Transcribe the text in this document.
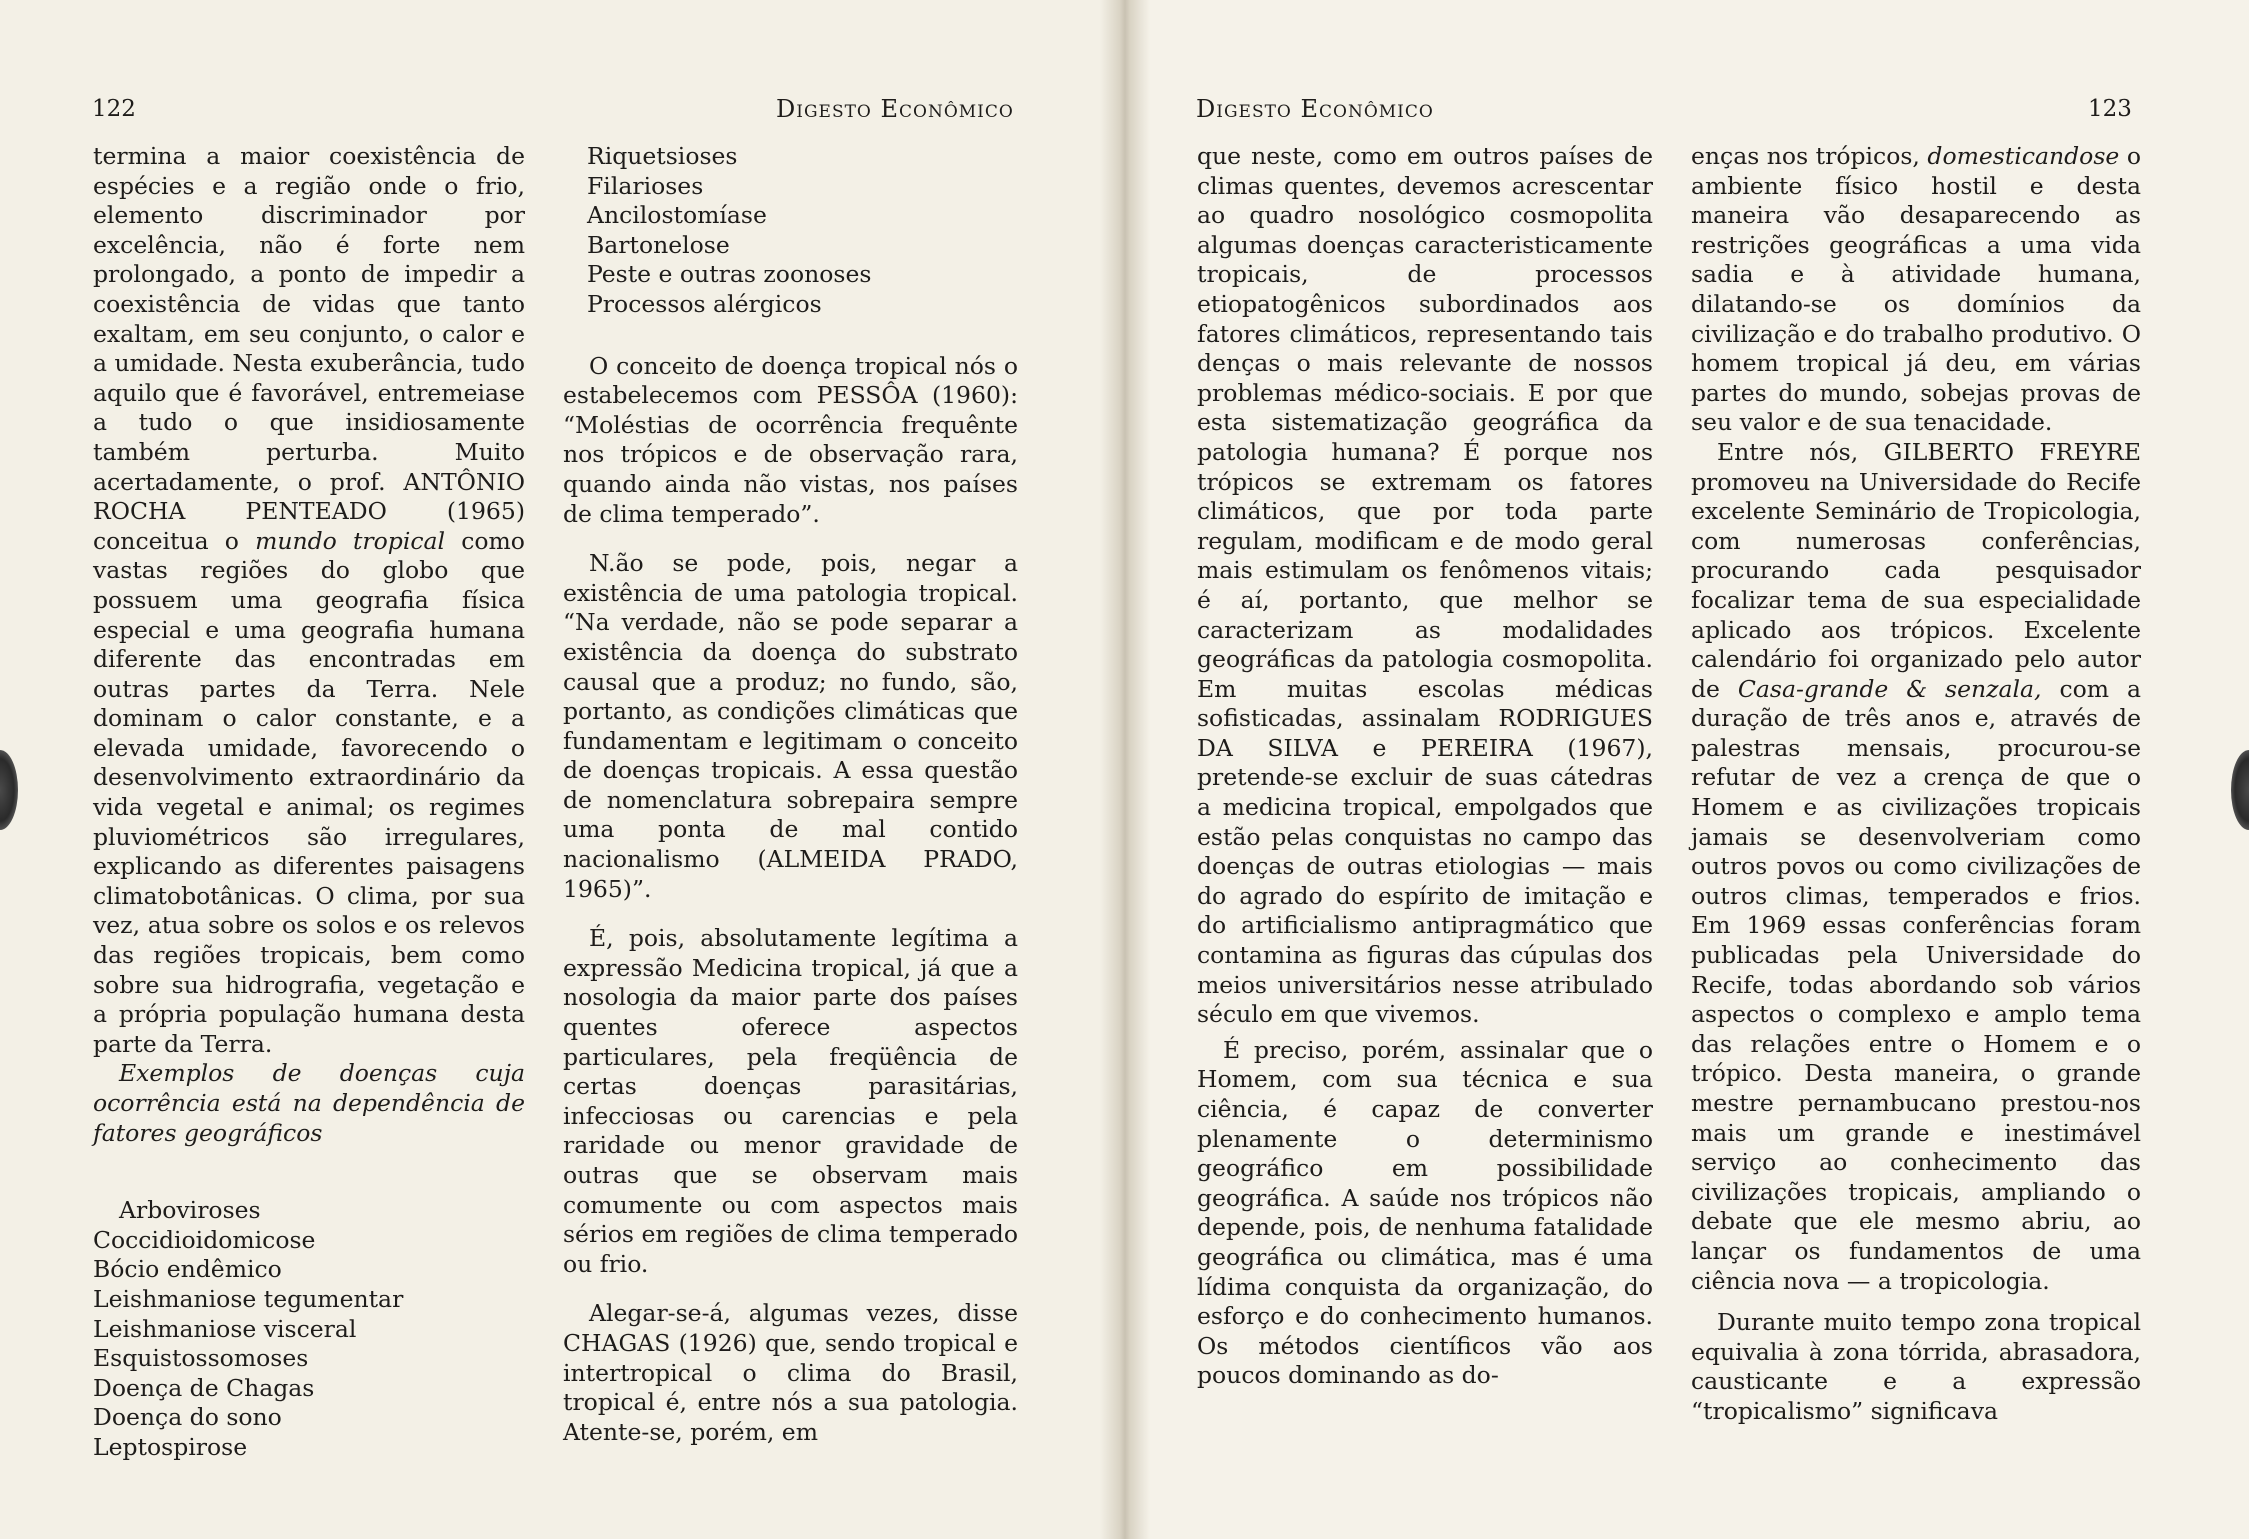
122	Digesto Econômico

termina a maior coexistência de espécies e a região onde o frio, elemento discriminador por excelência, não é forte nem prolongado, a ponto de impedir a coexistência de vidas que tanto exaltam, em seu conjunto, o calor e a umidade. Nesta exuberância, tudo aquilo que é favorável, entremeiase a tudo o que insidiosamente também perturba. Muito acertadamente, o prof. ANTÔNIO ROCHA PENTEADO (1965) conceitua o mundo tropical como vastas regiões do globo que possuem uma geografia física especial e uma geografia humana diferente das encontradas em outras partes da Terra. Nele dominam o calor constante, e a elevada umidade, favorecendo o desenvolvimento extraordinário da vida vegetal e animal; os regimes pluviométricos são irregulares, explicando as diferentes paisagens climatobotânicas. O clima, por sua vez, atua sobre os solos e os relevos das regiões tropicais, bem como sobre sua hidrografia, vegetação e a própria população humana desta parte da Terra.

Exemplos de doenças cuja ocorrência está na dependência de fatores geográficos

Arboviroses
Coccidioidomicose
Bócio endêmico
Leishmaniose tegumentar
Leishmaniose visceral
Esquistossomoses
Doença de Chagas
Doença do sono
Leptospirose
Riquetsioses
Filarioses
Ancilostomíase
Bartonelose
Peste e outras zoonoses
Processos alérgicos

O conceito de doença tropical nós o estabelecemos com PESSÔA (1960): “Moléstias de ocorrência frequênte nos trópicos e de observação rara, quando ainda não vistas, nos países de clima temperado”.

N.ão se pode, pois, negar a existência de uma patologia tropical. “Na verdade, não se pode separar a existência da doença do substrato causal que a produz; no fundo, são, portanto, as condições climáticas que fundamentam e legitimam o conceito de doenças tropicais. A essa questão de nomenclatura sobrepaira sempre uma ponta de mal contido nacionalismo (ALMEIDA PRADO, 1965)”.

É, pois, absolutamente legítima a expressão Medicina tropical, já que a nosologia da maior parte dos países quentes oferece aspectos particulares, pela freqüência de certas doenças parasitárias, infecciosas ou carencias e pela raridade ou menor gravidade de outras que se observam mais comumente ou com aspectos mais sérios em regiões de clima temperado ou frio.

Alegar-se-á, algumas vezes, disse CHAGAS (1926) que, sendo tropical e intertropical o clima do Brasil, tropical é, entre nós a sua patologia. Atente-se, porém, em

Digesto Econômico	123

que neste, como em outros países de climas quentes, devemos acrescentar ao quadro nosológico cosmopolita algumas doenças caracteristicamente tropicais, de processos etiopatogênicos subordinados aos fatores climáticos, representando tais denças o mais relevante de nossos problemas médico-sociais. E por que esta sistematização geográfica da patologia humana? É porque nos trópicos se extremam os fatores climáticos, que por toda parte regulam, modificam e de modo geral mais estimulam os fenômenos vitais; é aí, portanto, que melhor se caracterizam as modalidades geográficas da patologia cosmopolita. Em muitas escolas médicas sofisticadas, assinalam RODRIGUES DA SILVA e PEREIRA (1967), pretende-se excluir de suas cátedras a medicina tropical, empolgados que estão pelas conquistas no campo das doenças de outras etiologias — mais do agrado do espírito de imitação e do artificialismo antipragmático que contamina as figuras das cúpulas dos meios universitários nesse atribulado século em que vivemos.

É preciso, porém, assinalar que o Homem, com sua técnica e sua ciência, é capaz de converter plenamente o determinismo geográfico em possibilidade geográfica. A saúde nos trópicos não depende, pois, de nenhuma fatalidade geográfica ou climática, mas é uma lídima conquista da organização, do esforço e do conhecimento humanos. Os métodos científicos vão aos poucos dominando as do-

enças nos trópicos, domesticandose o ambiente físico hostil e desta maneira vão desaparecendo as restrições geográficas a uma vida sadia e à atividade humana, dilatando-se os domínios da civilização e do trabalho produtivo. O homem tropical já deu, em várias partes do mundo, sobejas provas de seu valor e de sua tenacidade.

Entre nós, GILBERTO FREYRE promoveu na Universidade do Recife excelente Seminário de Tropicologia, com numerosas conferências, procurando cada pesquisador focalizar tema de sua especialidade aplicado aos trópicos. Excelente calendário foi organizado pelo autor de Casa-grande & senzala, com a duração de três anos e, através de palestras mensais, procurou-se refutar de vez a crença de que o Homem e as civilizações tropicais jamais se desenvolveriam como outros povos ou como civilizações de outros climas, temperados e frios. Em 1969 essas conferências foram publicadas pela Universidade do Recife, todas abordando sob vários aspectos o complexo e amplo tema das relações entre o Homem e o trópico. Desta maneira, o grande mestre pernambucano prestou-nos mais um grande e inestimável serviço ao conhecimento das civilizações tropicais, ampliando o debate que ele mesmo abriu, ao lançar os fundamentos de uma ciência nova — a tropicologia.

Durante muito tempo zona tropical equivalia à zona tórrida, abrasadora, causticante e a expressão “tropicalismo” significava
